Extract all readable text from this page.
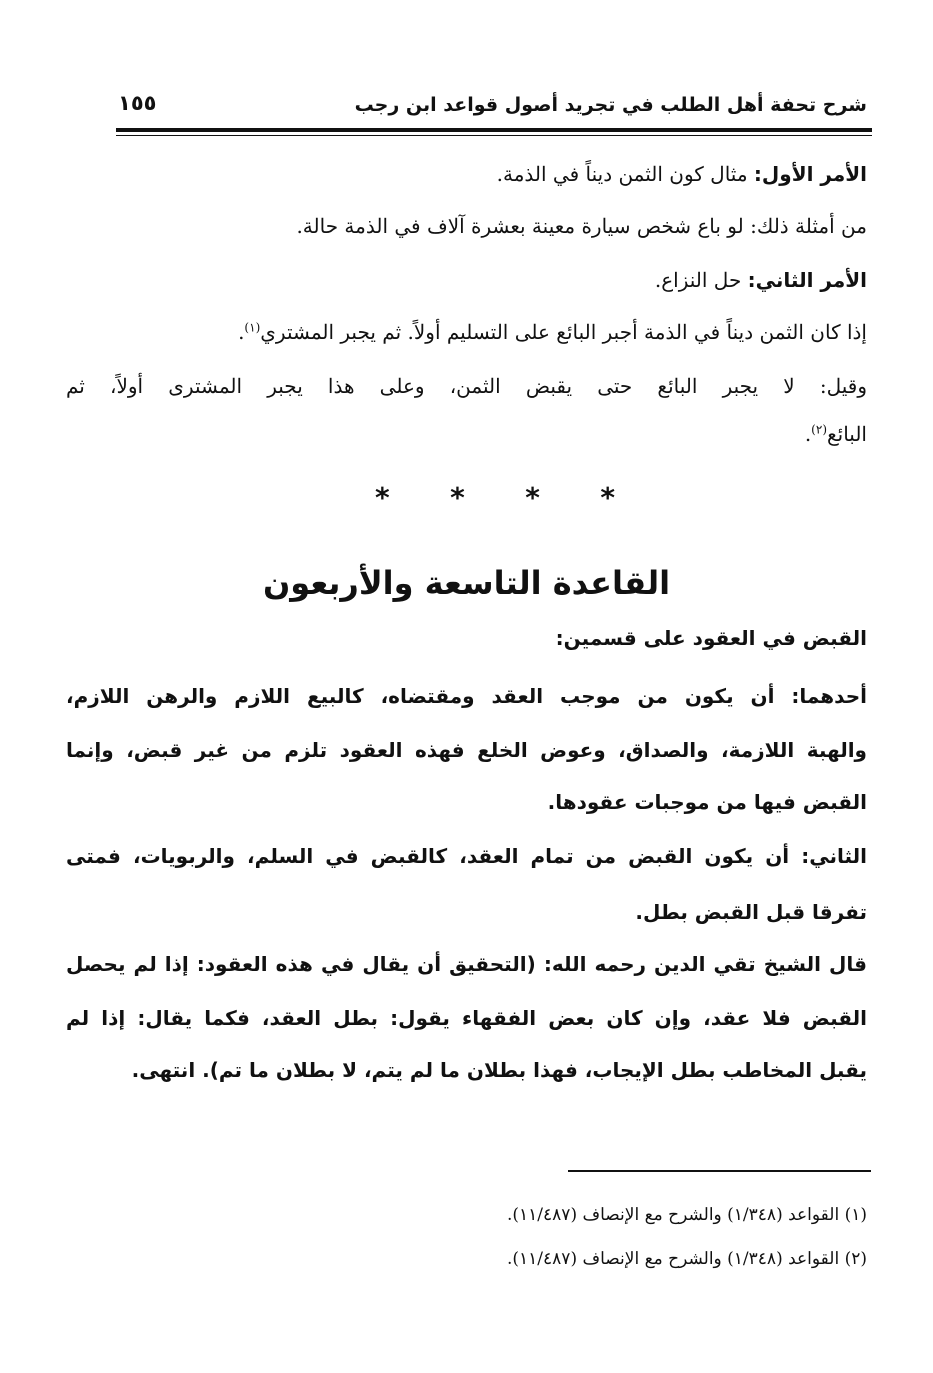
شرح تحفة أهل الطلب في تجريد أصول قواعد ابن رجب
١٥٥
الأمر الأول: مثال كون الثمن ديناً في الذمة.
من أمثلة ذلك: لو باع شخص سيارة معينة بعشرة آلاف في الذمة حالة.
الأمر الثاني: حل النزاع.
إذا كان الثمن ديناً في الذمة أجبر البائع على التسليم أولاً. ثم يجبر المشتري$^{(١)}$.
وقيل: لا يجبر البائع حتى يقبض الثمن، وعلى هذا يجبر المشترى أولاً، ثم
البائع$^{(٢)}$.
* * * *
القاعدة التاسعة والأربعون
القبض في العقود على قسمين:
أحدهما: أن يكون من موجب العقد ومقتضاه، كالبيع اللازم والرهن اللازم،
والهبة اللازمة، والصداق، وعوض الخلع فهذه العقود تلزم من غير قبض، وإنما
القبض فيها من موجبات عقودها.
الثاني: أن يكون القبض من تمام العقد، كالقبض في السلم، والربويات، فمتى
تفرقا قبل القبض بطل.
قال الشيخ تقي الدين رحمه الله: (التحقيق أن يقال في هذه العقود: إذا لم يحصل
القبض فلا عقد، وإن كان بعض الفقهاء يقول: بطل العقد، فكما يقال: إذا لم
يقبل المخاطب بطل الإيجاب، فهذا بطلان ما لم يتم، لا بطلان ما تم). انتهى.
(١) القواعد (١/٣٤٨) والشرح مع الإنصاف (١١/٤٨٧).
(٢) القواعد (١/٣٤٨) والشرح مع الإنصاف (١١/٤٨٧).
